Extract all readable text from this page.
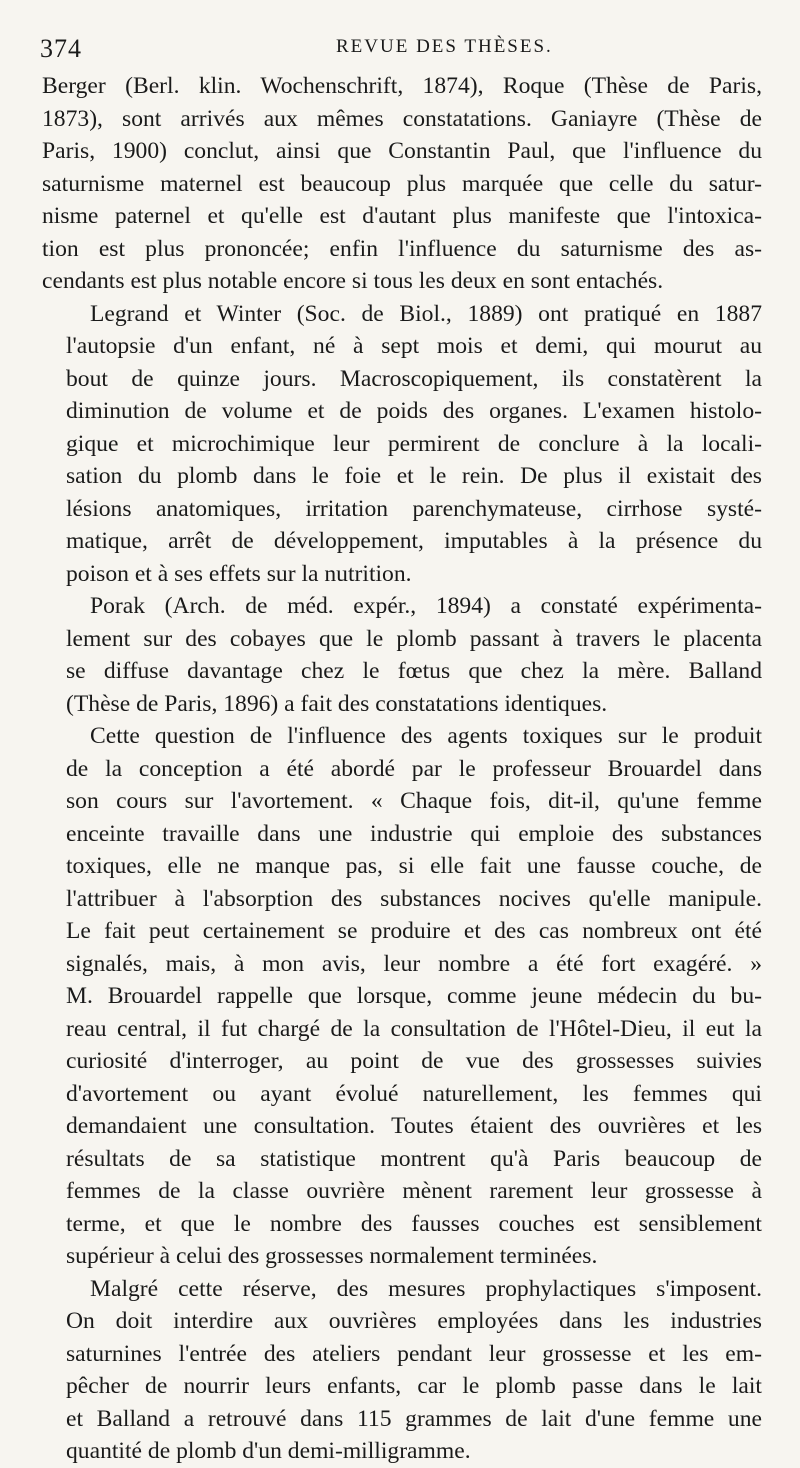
374	REVUE DES THÈSES.

Berger (Berl. klin. Wochenschrift, 1874), Roque (Thèse de Paris,
1873), sont arrivés aux mêmes constatations. Ganiayre (Thèse de
Paris, 1900) conclut, ainsi que Constantin Paul, que l'influence du
saturnisme maternel est beaucoup plus marquée que celle du satur-
nisme paternel et qu'elle est d'autant plus manifeste que l'intoxica-
tion est plus prononcée; enfin l'influence du saturnisme des as-
cendants est plus notable encore si tous les deux en sont entachés.

Legrand et Winter (Soc. de Biol., 1889) ont pratiqué en 1887
l'autopsie d'un enfant, né à sept mois et demi, qui mourut au
bout de quinze jours. Macroscopiquement, ils constatèrent la
diminution de volume et de poids des organes. L'examen histolo-
gique et microchimique leur permirent de conclure à la locali-
sation du plomb dans le foie et le rein. De plus il existait des
lésions anatomiques, irritation parenchymateuse, cirrhose systé-
matique, arrêt de développement, imputables à la présence du
poison et à ses effets sur la nutrition.

Porak (Arch. de méd. expér., 1894) a constaté expérimenta-
lement sur des cobayes que le plomb passant à travers le placenta
se diffuse davantage chez le fœtus que chez la mère. Balland
(Thèse de Paris, 1896) a fait des constatations identiques.

Cette question de l'influence des agents toxiques sur le produit
de la conception a été abordé par le professeur Brouardel dans
son cours sur l'avortement. « Chaque fois, dit-il, qu'une femme
enceinte travaille dans une industrie qui emploie des substances
toxiques, elle ne manque pas, si elle fait une fausse couche, de
l'attribuer à l'absorption des substances nocives qu'elle manipule.
Le fait peut certainement se produire et des cas nombreux ont été
signalés, mais, à mon avis, leur nombre a été fort exagéré. »
M. Brouardel rappelle que lorsque, comme jeune médecin du bu-
reau central, il fut chargé de la consultation de l'Hôtel-Dieu, il eut la
curiosité d'interroger, au point de vue des grossesses suivies
d'avortement ou ayant évolué naturellement, les femmes qui
demandaient une consultation. Toutes étaient des ouvrières et les
résultats de sa statistique montrent qu'à Paris beaucoup de
femmes de la classe ouvrière mènent rarement leur grossesse à
terme, et que le nombre des fausses couches est sensiblement
supérieur à celui des grossesses normalement terminées.

Malgré cette réserve, des mesures prophylactiques s'imposent.
On doit interdire aux ouvrières employées dans les industries
saturnines l'entrée des ateliers pendant leur grossesse et les em-
pêcher de nourrir leurs enfants, car le plomb passe dans le lait
et Balland a retrouvé dans 115 grammes de lait d'une femme une
quantité de plomb d'un demi-milligramme.
